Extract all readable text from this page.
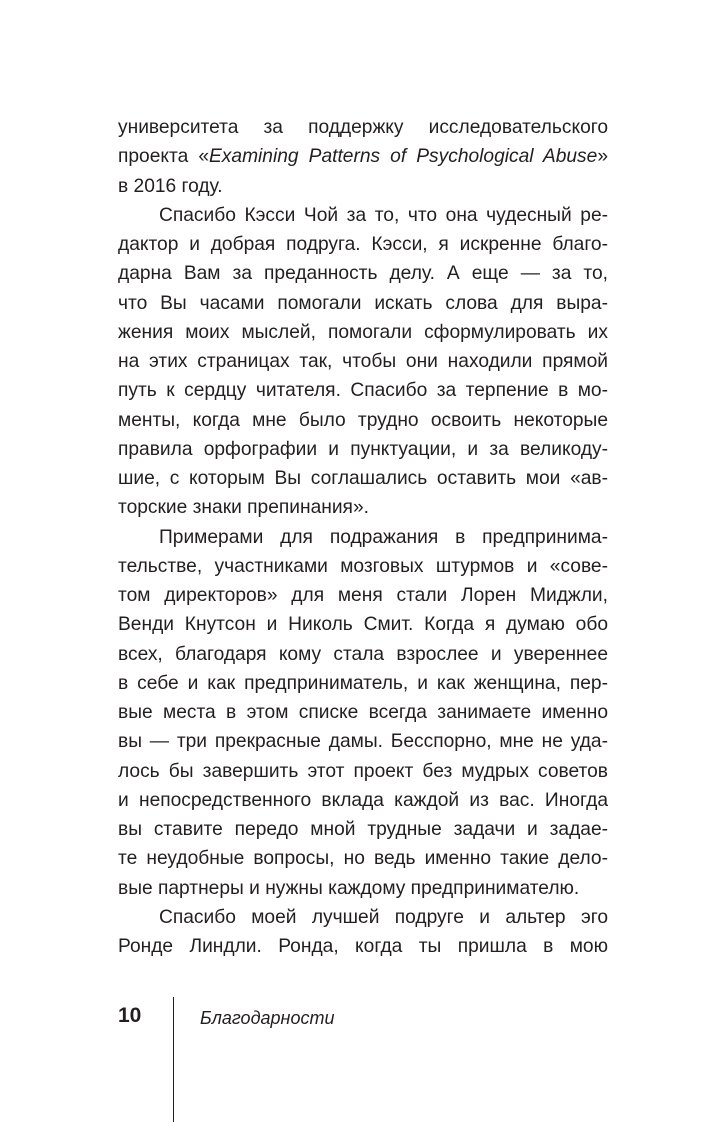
университета за поддержку исследовательского
проекта «Examining Patterns of Psychological Abuse»
в 2016 году.
Спасибо Кэсси Чой за то, что она чудесный ре-
дактор и добрая подруга. Кэсси, я искренне благо-
дарна Вам за преданность делу. А еще — за то,
что Вы часами помогали искать слова для выра-
жения моих мыслей, помогали сформулировать их
на этих страницах так, чтобы они находили прямой
путь к сердцу читателя. Спасибо за терпение в мо-
менты, когда мне было трудно освоить некоторые
правила орфографии и пунктуации, и за великоду-
шие, с которым Вы соглашались оставить мои «ав-
торские знаки препинания».
Примерами для подражания в предпринима-
тельстве, участниками мозговых штурмов и «сове-
том директоров» для меня стали Лорен Миджли,
Венди Кнутсон и Николь Смит. Когда я думаю обо
всех, благодаря кому стала взрослее и увереннее
в себе и как предприниматель, и как женщина, пер-
вые места в этом списке всегда занимаете именно
вы — три прекрасные дамы. Бесспорно, мне не уда-
лось бы завершить этот проект без мудрых советов
и непосредственного вклада каждой из вас. Иногда
вы ставите передо мной трудные задачи и задае-
те неудобные вопросы, но ведь именно такие дело-
вые партнеры и нужны каждому предпринимателю.
Спасибо моей лучшей подруге и альтер эго
Ронде Линдли. Ронда, когда ты пришла в мою
10	Благодарности
